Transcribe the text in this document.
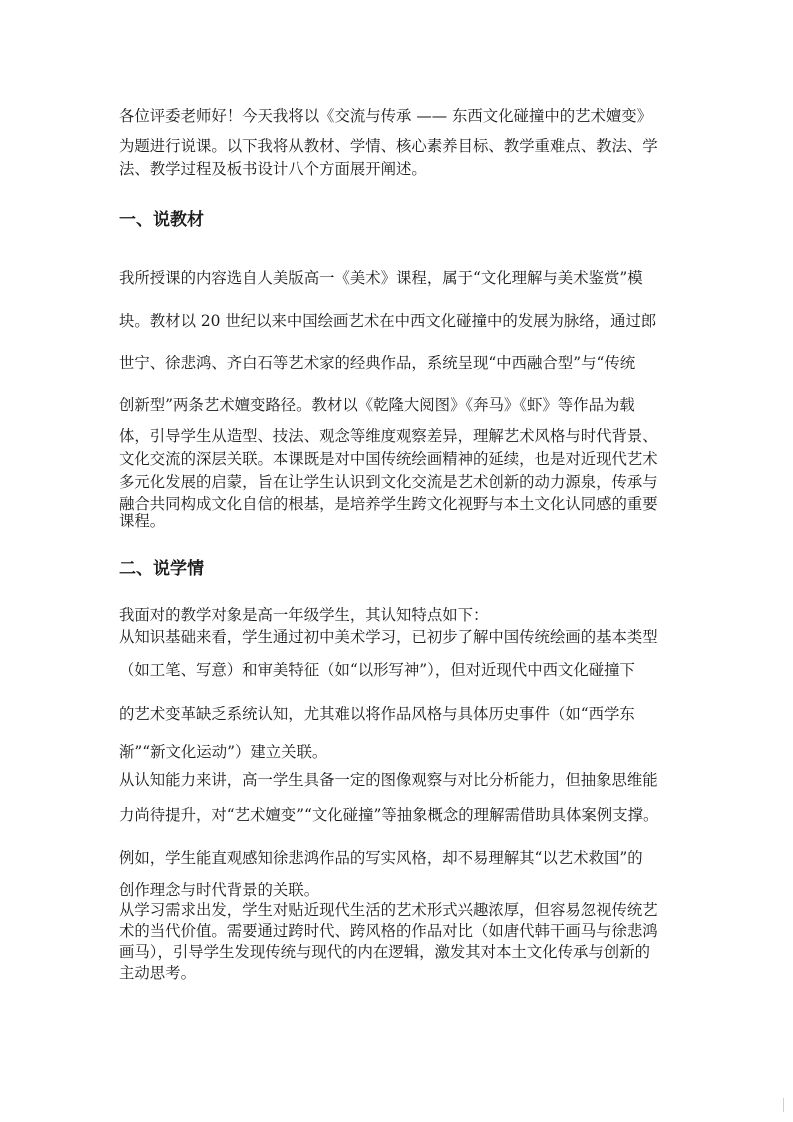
各位评委老师好！今天我将以《交流与传承 —— 东西文化碰撞中的艺术嬗变》
为题进行说课。以下我将从教材、学情、核心素养目标、教学重难点、教法、学
法、教学过程及板书设计八个方面展开阐述。
一、说教材
我所授课的内容选自人美版高一《美术》课程，属于“文化理解与美术鉴赏”模
块。教材以 20 世纪以来中国绘画艺术在中西文化碰撞中的发展为脉络，通过郎
世宁、徐悲鸿、齐白石等艺术家的经典作品，系统呈现“中西融合型”与“传统
创新型”两条艺术嬗变路径。教材以《乾隆大阅图》《奔马》《虾》等作品为载
体，引导学生从造型、技法、观念等维度观察差异，理解艺术风格与时代背景、
文化交流的深层关联。本课既是对中国传统绘画精神的延续，也是对近现代艺术
多元化发展的启蒙，旨在让学生认识到文化交流是艺术创新的动力源泉，传承与
融合共同构成文化自信的根基，是培养学生跨文化视野与本土文化认同感的重要
课程。
二、说学情
我面对的教学对象是高一年级学生，其认知特点如下：
从知识基础来看，学生通过初中美术学习，已初步了解中国传统绘画的基本类型
（如工笔、写意）和审美特征（如“以形写神”），但对近现代中西文化碰撞下
的艺术变革缺乏系统认知，尤其难以将作品风格与具体历史事件（如“西学东
渐”“新文化运动”）建立关联。
从认知能力来讲，高一学生具备一定的图像观察与对比分析能力，但抽象思维能
力尚待提升，对“艺术嬗变”“文化碰撞”等抽象概念的理解需借助具体案例支撑。
例如，学生能直观感知徐悲鸿作品的写实风格，却不易理解其“以艺术救国”的
创作理念与时代背景的关联。
从学习需求出发，学生对贴近现代生活的艺术形式兴趣浓厚，但容易忽视传统艺
术的当代价值。需要通过跨时代、跨风格的作品对比（如唐代韩干画马与徐悲鸿
画马），引导学生发现传统与现代的内在逻辑，激发其对本土文化传承与创新的
主动思考。
